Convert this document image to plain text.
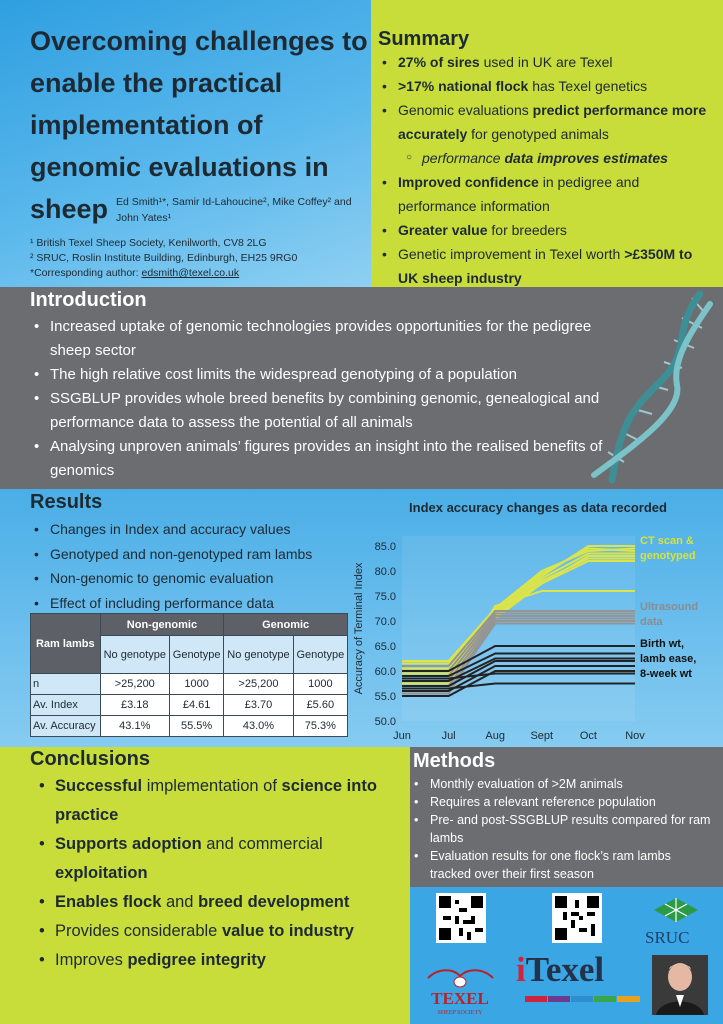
Overcoming challenges to enable the practical implementation of genomic evaluations in sheep Ed Smith¹*, Samir Id-Lahoucine², Mike Coffey² and John Yates¹
¹ British Texel Sheep Society, Kenilworth, CV8 2LG
² SRUC, Roslin Institute Building, Edinburgh, EH25 9RG0
*Corresponding author: edsmith@texel.co.uk
Summary
• 27% of sires used in UK are Texel
• >17% national flock has Texel genetics
• Genomic evaluations predict performance more accurately for genotyped animals
○ performance data improves estimates
• Improved confidence in pedigree and performance information
• Greater value for breeders
• Genetic improvement in Texel worth >£350M to UK sheep industry
Introduction
• Increased uptake of genomic technologies provides opportunities for the pedigree sheep sector
• The high relative cost limits the widespread genotyping of a population
• SSGBLUP provides whole breed benefits by combining genomic, genealogical and performance data to assess the potential of all animals
• Analysing unproven animals’ figures provides an insight into the realised benefits of genomics
Results
• Changes in Index and accuracy values
• Genotyped and non-genotyped ram lambs
• Non-genomic to genomic evaluation
• Effect of including performance data
Ram lambs	Non-genomic		Genomic	
	No genotype	Genotype	No genotype	Genotype
n	>25,200	1000	>25,200	1000
Av. Index	£3.18	£4.61	£3.70	£5.60
Av. Accuracy	43.1%	55.5%	43.0%	75.3%
Index accuracy changes as data recorded
50.0
55.0
60.0
65.0
70.0
75.0
80.0
85.0
Jun	Jul	Aug Sept Oct	Nov
Accuracy of Terminal Index
CT scan & genotyped
Ultrasound data
Birth wt, lamb ease, 8-week wt
Conclusions
• Successful implementation of science into practice
• Supports adoption and commercial exploitation
• Enables flock and breed development
• Provides considerable value to industry
• Improves pedigree integrity
Methods
• Monthly evaluation of >2M animals
• Requires a relevant reference population
• Pre- and post-SSGBLUP results compared for ram lambs
• Evaluation results for one flock’s ram lambs tracked over their first season
SRUC
TEXEL
SHEEP SOCIETY
iTexel
